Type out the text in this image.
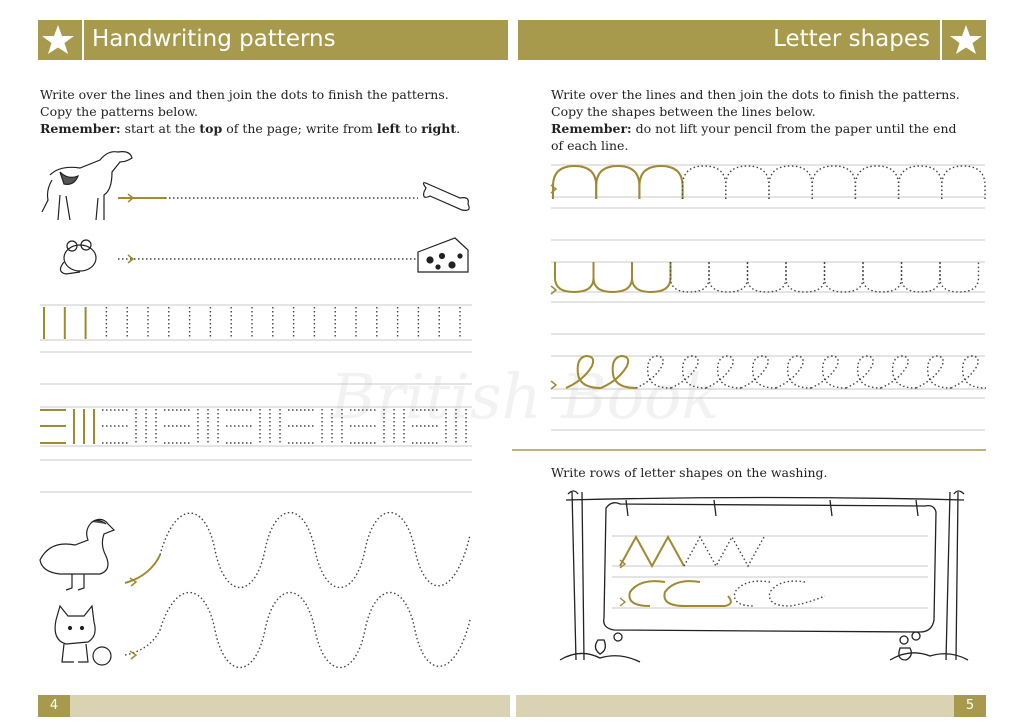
Handwriting patterns	Letter shapes

Write over the lines and then join the dots to finish the patterns.

Copy the patterns below.

Remember: start at the top of the page; write from left to right.

Write over the lines and then join the dots to finish the patterns.

Copy the shapes between the lines below.

Remember: do not lift your pencil from the paper until the end

of each line.

Write rows of letter shapes on the washing.
British Book
4	5
